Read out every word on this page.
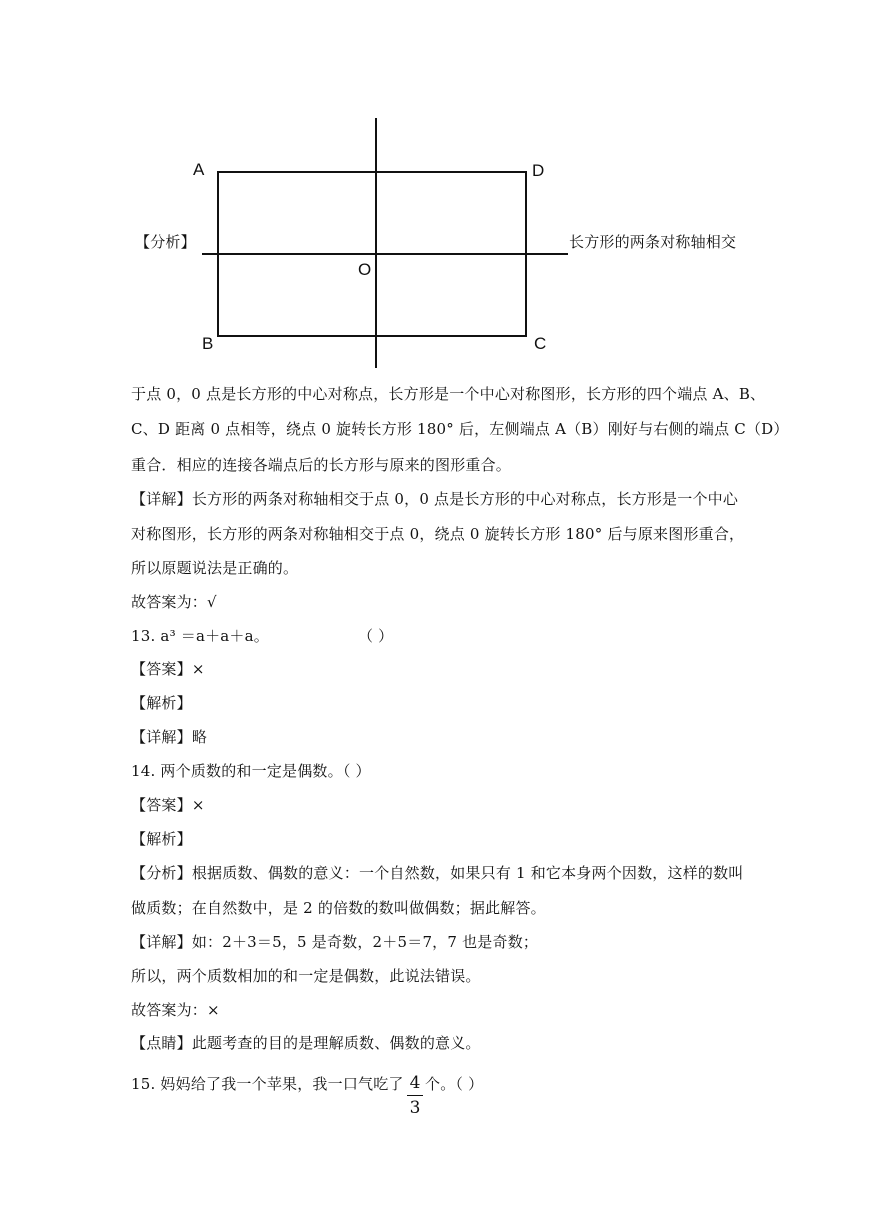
A	D
B	C
O
【分析】	长方形的两条对称轴相交
于点 0，0 点是长方形的中心对称点，长方形是一个中心对称图形，长方形的四个端点 A、B、
C、D 距离 0 点相等，绕点 0 旋转长方形 180° 后，左侧端点 A（B）刚好与右侧的端点 C（D）
重合．相应的连接各端点后的长方形与原来的图形重合。
【详解】长方形的两条对称轴相交于点 0，0 点是长方形的中心对称点，长方形是一个中心
对称图形，长方形的两条对称轴相交于点 0，绕点 0 旋转长方形 180° 后与原来图形重合，
所以原题说法是正确的。
故答案为：√
13. a³ ＝a＋a＋a。	（ ）
【答案】×
【解析】
【详解】略
14. 两个质数的和一定是偶数。（ ）
【答案】×
【解析】
【分析】根据质数、偶数的意义：一个自然数，如果只有 1 和它本身两个因数，这样的数叫
做质数；在自然数中，是 2 的倍数的数叫做偶数；据此解答。
【详解】如：2＋3＝5，5 是奇数，2＋5＝7，7 也是奇数；
所以，两个质数相加的和一定是偶数，此说法错误。
故答案为：×
【点睛】此题考查的目的是理解质数、偶数的意义。
15. 妈妈给了我一个苹果，我一口气吃了 4
3
个。（ ）
